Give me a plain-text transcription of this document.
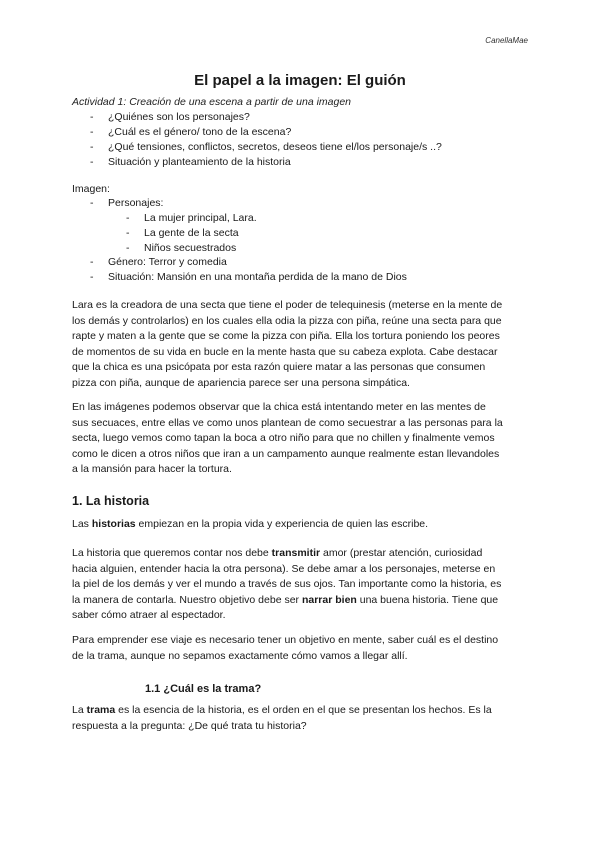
CanellaMae
El papel a la imagen: El guión
Actividad 1: Creación de una escena a partir de una imagen
- ¿Quiénes son los personajes?
- ¿Cuál es el género/ tono de la escena?
- ¿Qué tensiones, conflictos, secretos, deseos tiene el/los personaje/s ..?
- Situación y planteamiento de la historia
Imagen:
- Personajes:
- La mujer principal, Lara.
- La gente de la secta
- Niños secuestrados
- Género: Terror y comedia
- Situación: Mansión en una montaña perdida de la mano de Dios
Lara es la creadora de una secta que tiene el poder de telequinesis (meterse en la mente de
los demás y controlarlos) en los cuales ella odia la pizza con piña, reúne una secta para que
rapte y maten a la gente que se come la pizza con piña. Ella los tortura poniendo los peores
de momentos de su vida en bucle en la mente hasta que su cabeza explota. Cabe destacar
que la chica es una psicópata por esta razón quiere matar a las personas que consumen
pizza con piña, aunque de apariencia parece ser una persona simpática.
En las imágenes podemos observar que la chica está intentando meter en las mentes de
sus secuaces, entre ellas ve como unos plantean de como secuestrar a las personas para la
secta, luego vemos como tapan la boca a otro niño para que no chillen y finalmente vemos
como le dicen a otros niños que iran a un campamento aunque realmente estan llevandoles
a la mansión para hacer la tortura.
1. La historia
Las historias empiezan en la propia vida y experiencia de quien las escribe.
La historia que queremos contar nos debe transmitir amor (prestar atención, curiosidad
hacia alguien, entender hacia la otra persona). Se debe amar a los personajes, meterse en
la piel de los demás y ver el mundo a través de sus ojos. Tan importante como la historia, es
la manera de contarla. Nuestro objetivo debe ser narrar bien una buena historia. Tiene que
saber cómo atraer al espectador.
Para emprender ese viaje es necesario tener un objetivo en mente, saber cuál es el destino
de la trama, aunque no sepamos exactamente cómo vamos a llegar allí.
1.1 ¿Cuál es la trama?
La trama es la esencia de la historia, es el orden en el que se presentan los hechos. Es la
respuesta a la pregunta: ¿De qué trata tu historia?
